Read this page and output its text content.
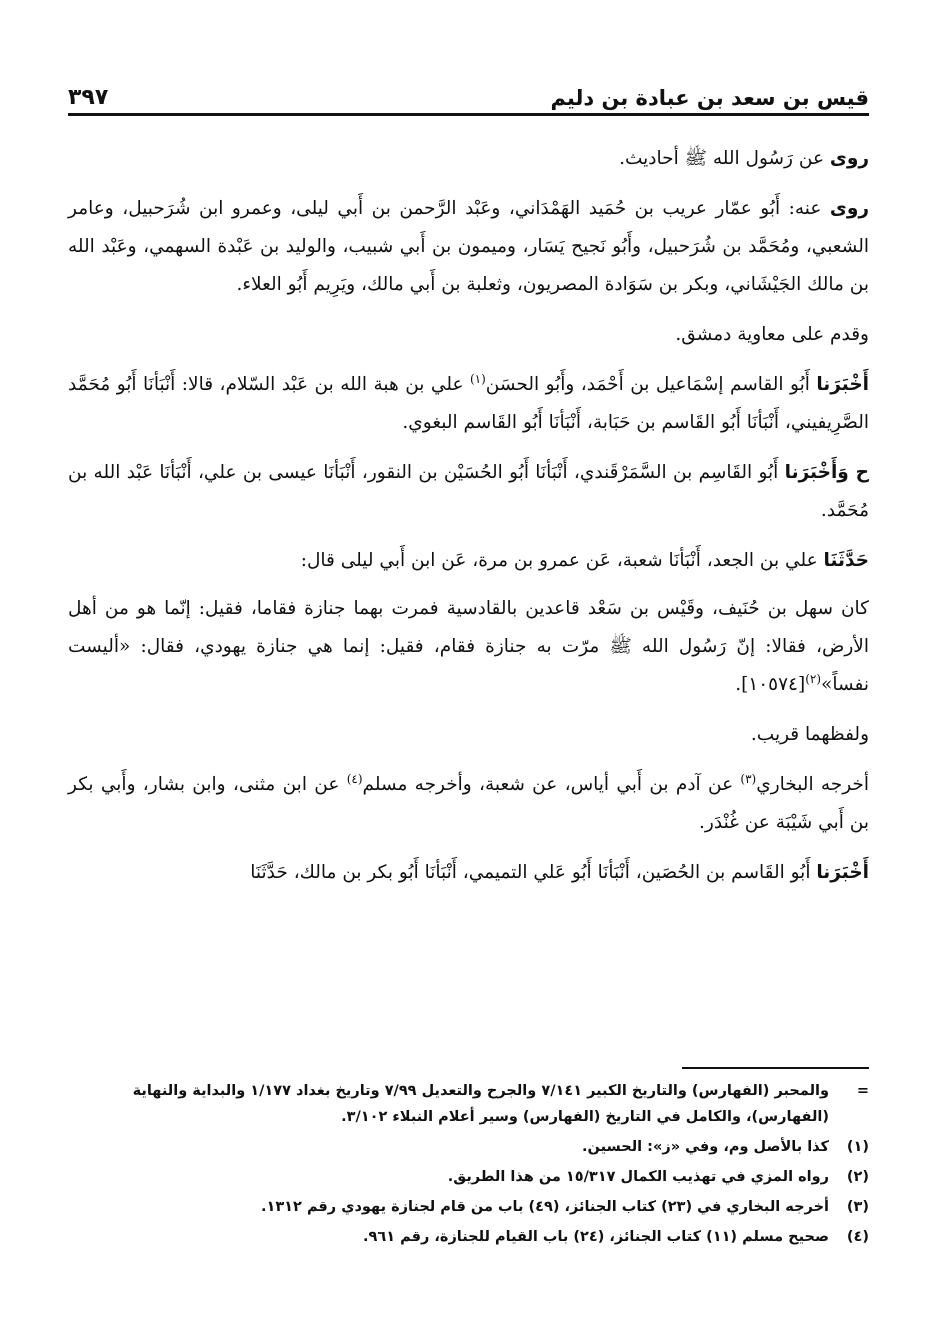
قيس بن سعد بن عبادة بن دليم
٣٩٧

روى عن رَسُول الله ﷺ أحاديث.

روى عنه: أَبُو عمّار عريب بن حُمَيد الهَمْدَاني، وعَبْد الرَّحمن بن أَبي ليلى، وعمرو ابن شُرَحبيل، وعامر الشعبي، ومُحَمَّد بن شُرَحبيل، وأَبُو نَجيح يَسَار، وميمون بن أَبي شبيب، والوليد بن عَبْدة السهمي، وعَبْد الله بن مالك الجَيْشَاني، وبكر بن سَوَادة المصريون، وثعلبة بن أَبي مالك، ويَرِيم أَبُو العلاء.

وقدم على معاوية دمشق.

أَخْبَرَنا أَبُو القاسم إسْمَاعيل بن أَحْمَد، وأَبُو الحسَن$^{(١)}$ علي بن هبة الله بن عَبْد السّلام، قالا: أَنْبَأنَا أَبُو مُحَمَّد الصَّرِيفيني، أَنْبَأنَا أَبُو القَاسم بن حَبَابة، أَنْبَأنَا أَبُو القَاسم البغوي.

ح وَأَخْبَرَنا أَبُو القَاسِم بن السَّمَرْقَندي، أَنْبَأنَا أَبُو الحُسَيْن بن النقور، أَنْبَأنَا عيسى بن علي، أَنْبَأنَا عَبْد الله بن مُحَمَّد.

حَدَّثَنَا علي بن الجعد، أَنْبَأنَا شعبة، عَن عمرو بن مرة، عَن ابن أَبي ليلى قال:

كان سهل بن حُنَيف، وقَيْس بن سَعْد قاعدين بالقادسية فمرت بهما جنازة فقاما، فقيل: إنّما هو من أهل الأرض، فقالا: إنّ رَسُول الله ﷺ مرّت به جنازة فقام، فقيل: إنما هي جنازة يهودي، فقال: «أليست نفساً»$^{(٢)}$[١٠٥٧٤].

ولفظهما قريب.

أخرجه البخاري$^{(٣)}$ عن آدم بن أَبي أياس، عن شعبة، وأخرجه مسلم$^{(٤)}$ عن ابن مثنى، وابن بشار، وأَبي بكر بن أَبي شَيْبَة عن غُنْدَر.

أَخْبَرَنا أَبُو القَاسم بن الحُصَين، أَنْبَأنَا أَبُو عَلي التميمي، أَنْبَأنَا أَبُو بكر بن مالك، حَدَّثَنَا

=
والمحبر (الفهارس) والتاريخ الكبير ٧/١٤١ والجرح والتعديل ٧/٩٩ وتاريخ بغداد ١/١٧٧ والبداية والنهاية (الفهارس)، والكامل في التاريخ (الفهارس) وسير أعلام النبلاء ٣/١٠٢.
(١)
كذا بالأصل وم، وفي «ز»: الحسين.
(٢)
رواه المزي في تهذيب الكمال ١٥/٣١٧ من هذا الطريق.
(٣)
أخرجه البخاري في (٢٣) كتاب الجنائز، (٤٩) باب من قام لجنازة يهودي رقم ١٣١٢.
(٤)
صحيح مسلم (١١) كتاب الجنائز، (٢٤) باب القيام للجنازة، رقم ٩٦١.
